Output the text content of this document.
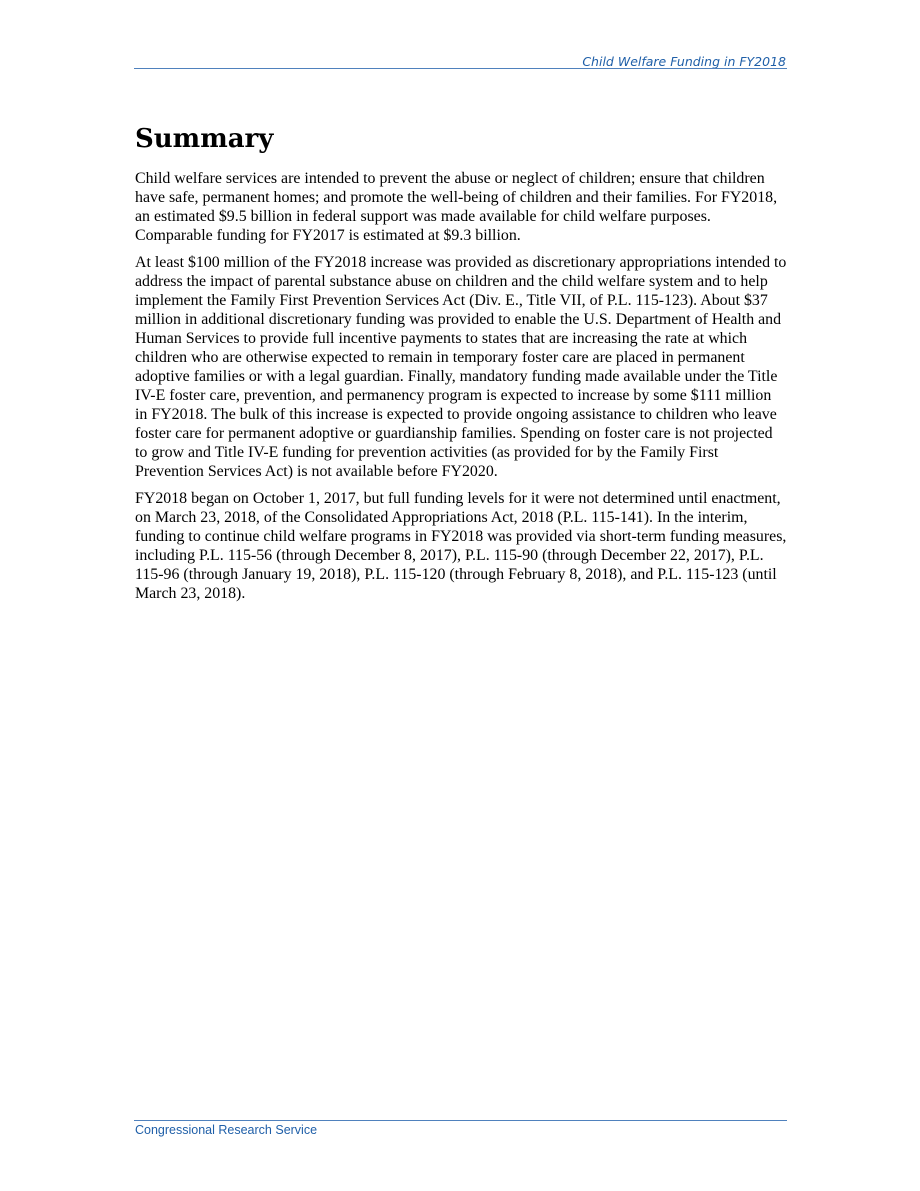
Child Welfare Funding in FY2018
Summary

Child welfare services are intended to prevent the abuse or neglect of children; ensure that children have safe, permanent homes; and promote the well-being of children and their families. For FY2018, an estimated $9.5 billion in federal support was made available for child welfare purposes. Comparable funding for FY2017 is estimated at $9.3 billion.

At least $100 million of the FY2018 increase was provided as discretionary appropriations intended to address the impact of parental substance abuse on children and the child welfare system and to help implement the Family First Prevention Services Act (Div. E., Title VII, of P.L. 115-123). About $37 million in additional discretionary funding was provided to enable the U.S. Department of Health and Human Services to provide full incentive payments to states that are increasing the rate at which children who are otherwise expected to remain in temporary foster care are placed in permanent adoptive families or with a legal guardian. Finally, mandatory funding made available under the Title IV-E foster care, prevention, and permanency program is expected to increase by some $111 million in FY2018. The bulk of this increase is expected to provide ongoing assistance to children who leave foster care for permanent adoptive or guardianship families. Spending on foster care is not projected to grow and Title IV-E funding for prevention activities (as provided for by the Family First Prevention Services Act) is not available before FY2020.

FY2018 began on October 1, 2017, but full funding levels for it were not determined until enactment, on March 23, 2018, of the Consolidated Appropriations Act, 2018 (P.L. 115-141). In the interim, funding to continue child welfare programs in FY2018 was provided via short-term funding measures, including P.L. 115-56 (through December 8, 2017), P.L. 115-90 (through December 22, 2017), P.L. 115-96 (through January 19, 2018), P.L. 115-120 (through February 8, 2018), and P.L. 115-123 (until March 23, 2018).

Congressional Research Service
